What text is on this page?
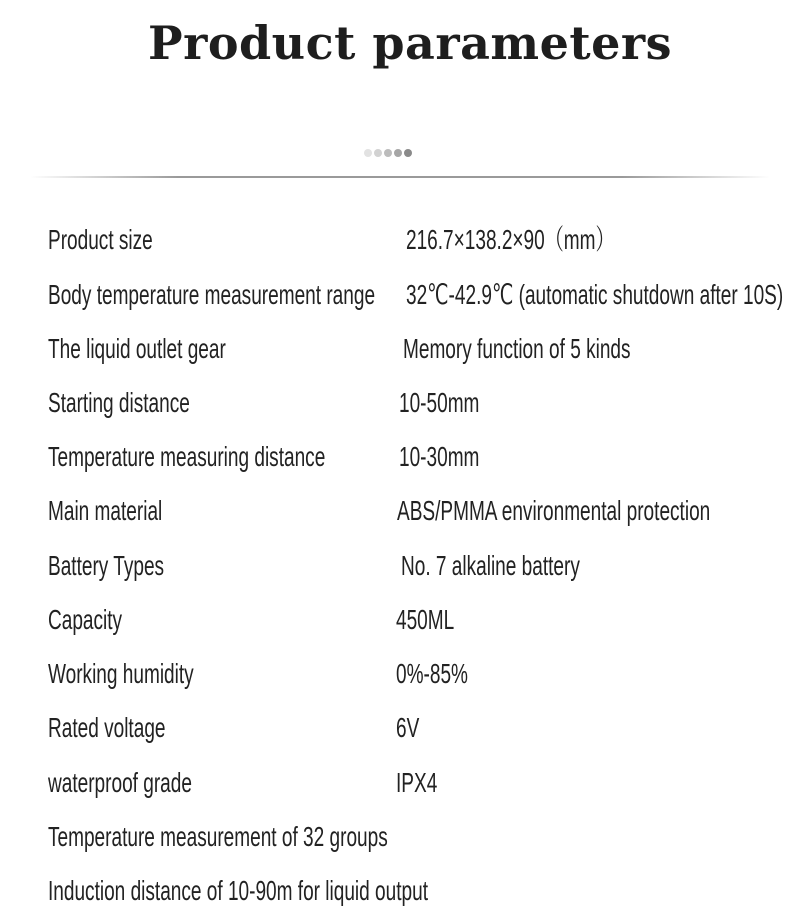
Product parameters
Product size	216.7×138.2×90（mm）
Body temperature measurement range 32℃-42.9℃ (automatic shutdown after 10S)
The liquid outlet gear	Memory function of 5 kinds
Starting distance	10-50mm
Temperature measuring distance	10-30mm
Main material	ABS/PMMA environmental protection
Battery Types	No. 7 alkaline battery
Capacity	450ML
Working humidity	0%-85%
Rated voltage	6V
waterproof grade	IPX4
Temperature measurement of 32 groups
Induction distance of 10-90m for liquid output
